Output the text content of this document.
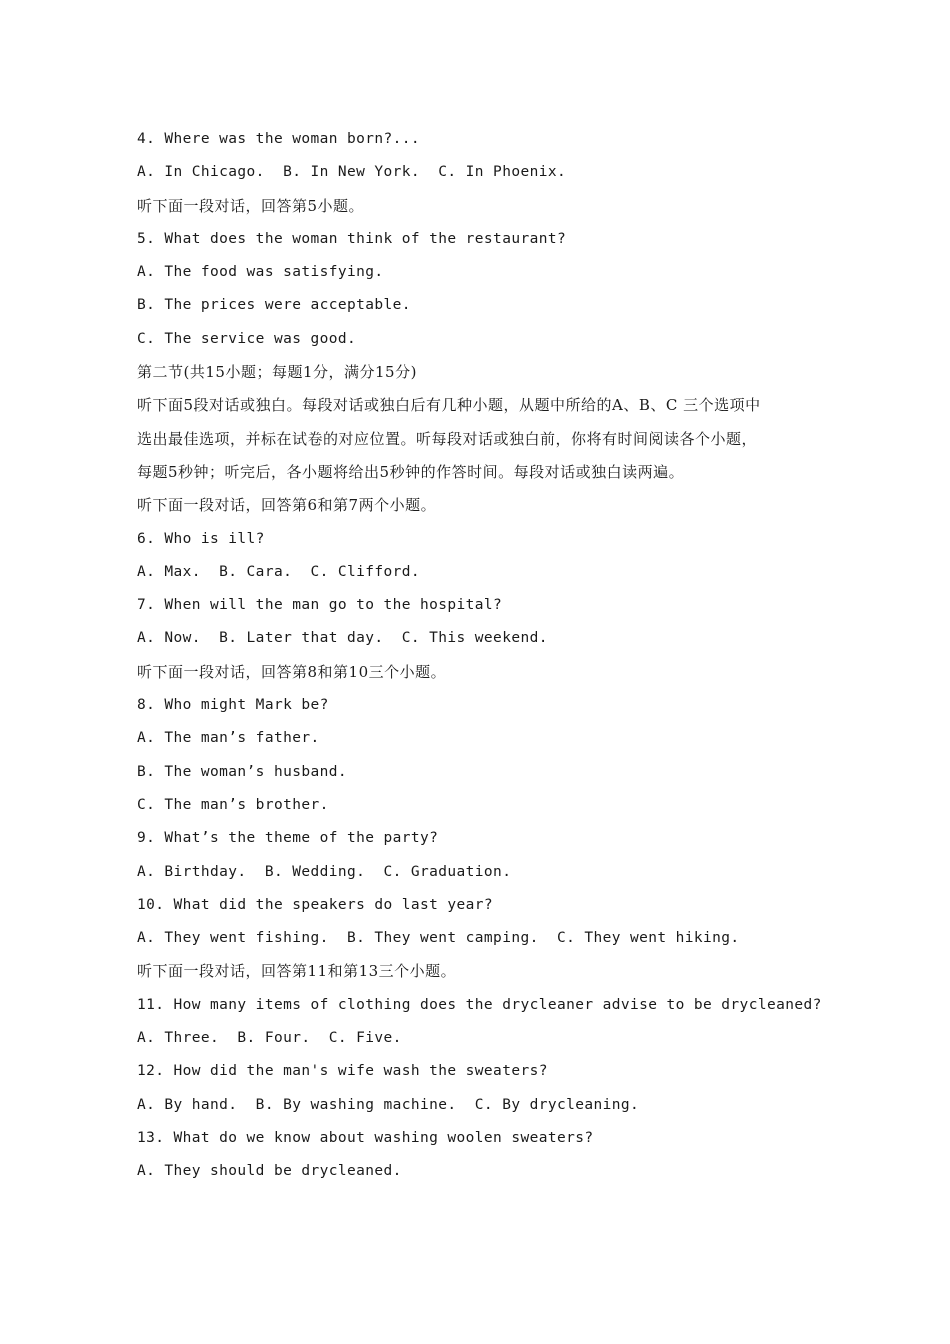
4. Where was the woman born?...
A. In Chicago.  B. In New York.  C. In Phoenix.
听下面一段对话，回答第5小题。
5. What does the woman think of the restaurant?
A. The food was satisfying.
B. The prices were acceptable.
C. The service was good.
第二节(共15小题；每题1分，满分15分)
听下面5段对话或独白。每段对话或独白后有几种小题，从题中所给的A、B、C 三个选项中
选出最佳选项，并标在试卷的对应位置。听每段对话或独白前，你将有时间阅读各个小题，
每题5秒钟；听完后，各小题将给出5秒钟的作答时间。每段对话或独白读两遍。
听下面一段对话，回答第6和第7两个小题。
6. Who is ill?
A. Max.  B. Cara.  C. Clifford.
7. When will the man go to the hospital?
A. Now.  B. Later that day.  C. This weekend.
听下面一段对话，回答第8和第10三个小题。
8. Who might Mark be?
A. The man’s father.
B. The woman’s husband.
C. The man’s brother.
9. What’s the theme of the party?
A. Birthday.  B. Wedding.  C. Graduation.
10. What did the speakers do last year?
A. They went fishing.  B. They went camping.  C. They went hiking.
听下面一段对话，回答第11和第13三个小题。
11. How many items of clothing does the drycleaner advise to be drycleaned?
A. Three.  B. Four.  C. Five.
12. How did the man's wife wash the sweaters?
A. By hand.  B. By washing machine.  C. By drycleaning.
13. What do we know about washing woolen sweaters?
A. They should be drycleaned.
